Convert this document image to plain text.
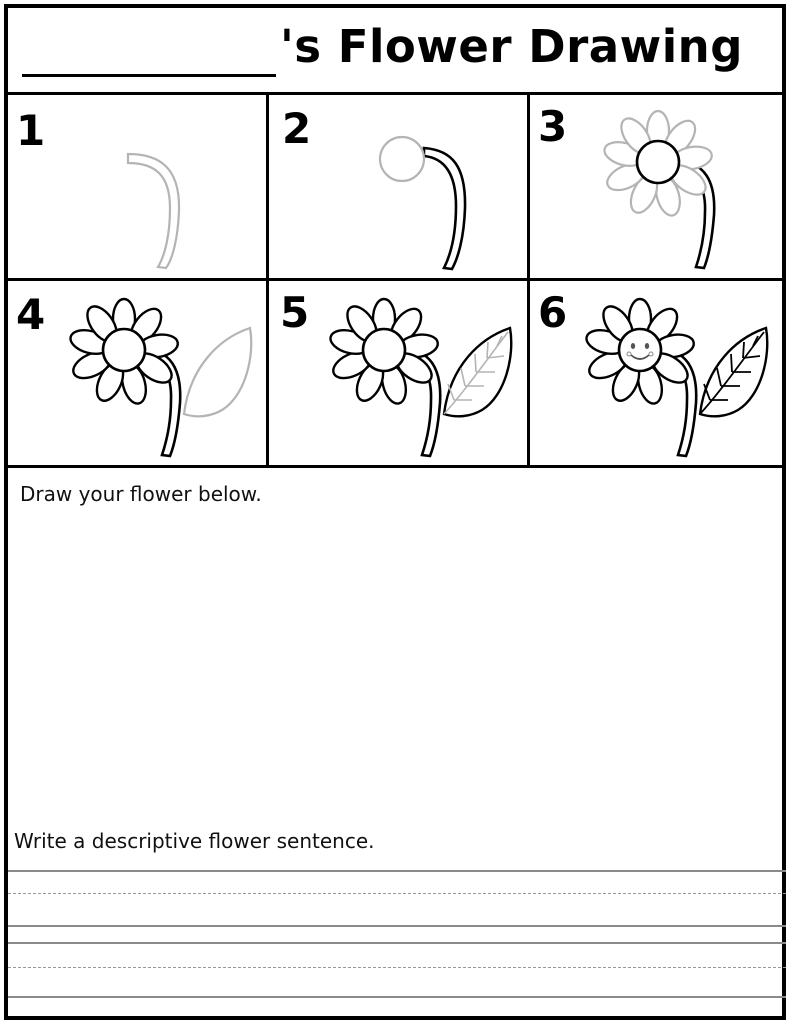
's Flower Drawing
1	2	3
4	5	6
Draw your flower below.
Write a descriptive flower sentence.
